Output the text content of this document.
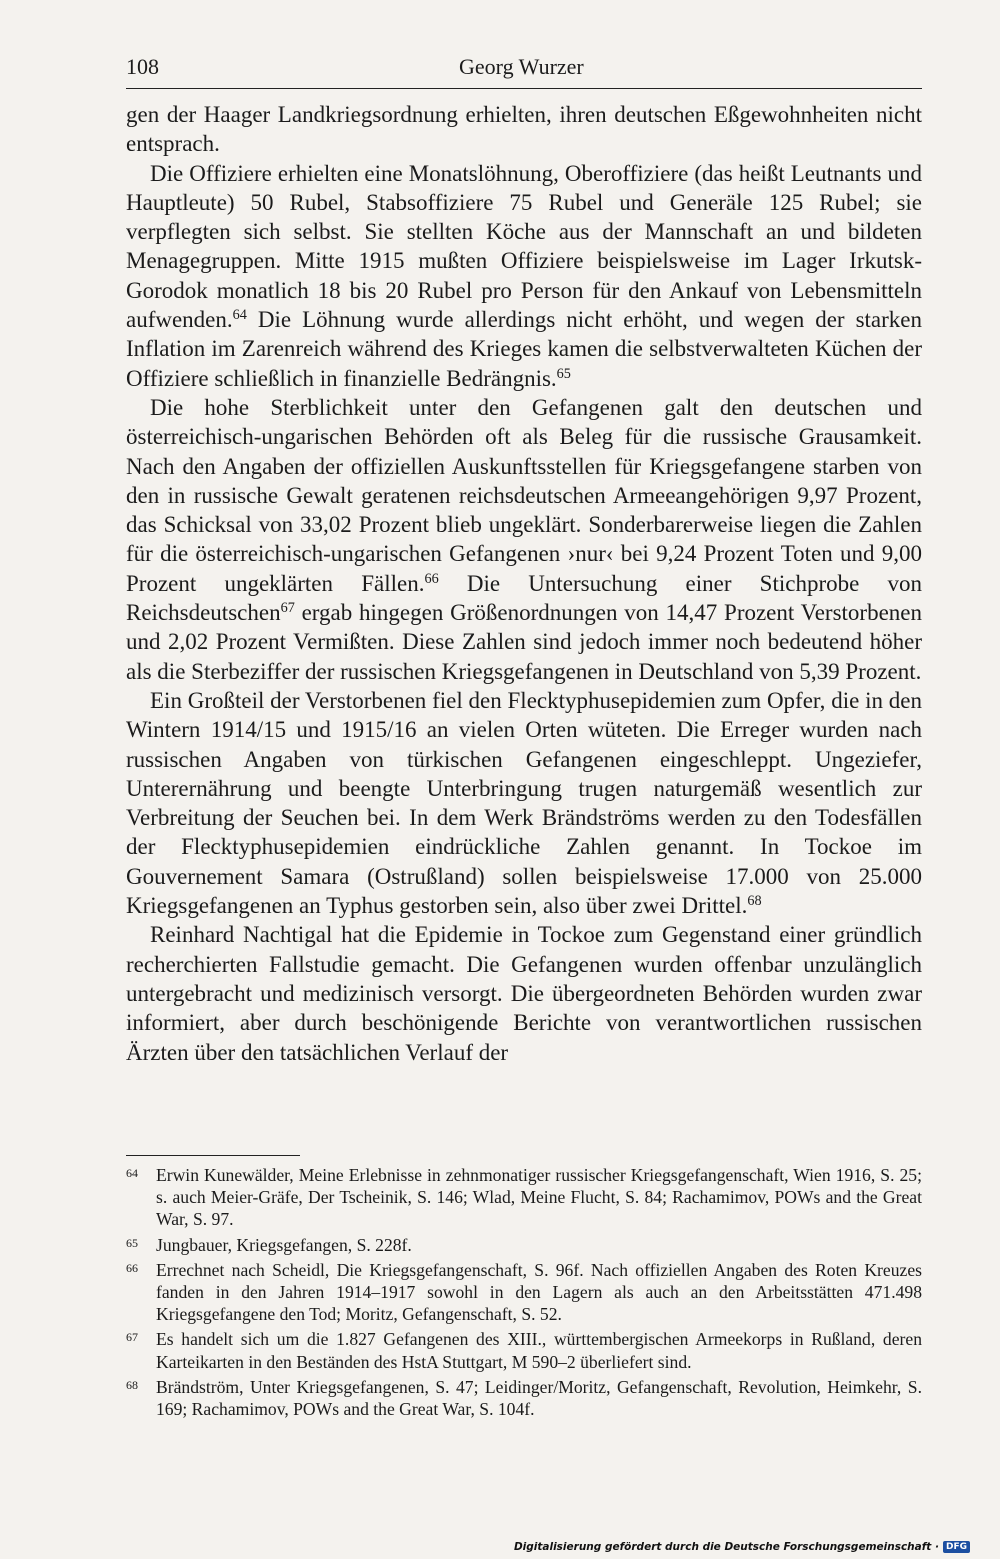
108	Georg Wurzer

gen der Haager Landkriegsordnung erhielten, ihren deutschen Eßgewohnheiten nicht entsprach.

Die Offiziere erhielten eine Monatslöhnung, Oberoffiziere (das heißt Leutnants und Hauptleute) 50 Rubel, Stabsoffiziere 75 Rubel und Generäle 125 Rubel; sie verpflegten sich selbst. Sie stellten Köche aus der Mannschaft an und bildeten Menagegruppen. Mitte 1915 mußten Offiziere beispielsweise im Lager Irkutsk-Gorodok monatlich 18 bis 20 Rubel pro Person für den Ankauf von Lebensmitteln aufwenden.$^{64}$ Die Löhnung wurde allerdings nicht erhöht, und wegen der starken Inflation im Zarenreich während des Krieges kamen die selbstverwalteten Küchen der Offiziere schließlich in finanzielle Bedrängnis.$^{65}$

Die hohe Sterblichkeit unter den Gefangenen galt den deutschen und österreichisch-ungarischen Behörden oft als Beleg für die russische Grausamkeit. Nach den Angaben der offiziellen Auskunftsstellen für Kriegsgefangene starben von den in russische Gewalt geratenen reichsdeutschen Armeeangehörigen 9,97 Prozent, das Schicksal von 33,02 Prozent blieb ungeklärt. Sonderbarerweise liegen die Zahlen für die österreichisch-ungarischen Gefangenen ›nur‹ bei 9,24 Prozent Toten und 9,00 Prozent ungeklärten Fällen.$^{66}$ Die Untersuchung einer Stichprobe von Reichsdeutschen$^{67}$ ergab hingegen Größenordnungen von 14,47 Prozent Verstorbenen und 2,02 Prozent Vermißten. Diese Zahlen sind jedoch immer noch bedeutend höher als die Sterbeziffer der russischen Kriegsgefangenen in Deutschland von 5,39 Prozent.

Ein Großteil der Verstorbenen fiel den Flecktyphusepidemien zum Opfer, die in den Wintern 1914/15 und 1915/16 an vielen Orten wüteten. Die Erreger wurden nach russischen Angaben von türkischen Gefangenen eingeschleppt. Ungeziefer, Unterernährung und beengte Unterbringung trugen naturgemäß wesentlich zur Verbreitung der Seuchen bei. In dem Werk Brändströms werden zu den Todesfällen der Flecktyphusepidemien eindrückliche Zahlen genannt. In Tockoe im Gouvernement Samara (Ostrußland) sollen beispielsweise 17.000 von 25.000 Kriegsgefangenen an Typhus gestorben sein, also über zwei Drittel.$^{68}$

Reinhard Nachtigal hat die Epidemie in Tockoe zum Gegenstand einer gründlich recherchierten Fallstudie gemacht. Die Gefangenen wurden offenbar unzulänglich untergebracht und medizinisch versorgt. Die übergeordneten Behörden wurden zwar informiert, aber durch beschönigende Berichte von verantwortlichen russischen Ärzten über den tatsächlichen Verlauf der

64 Erwin Kunewälder, Meine Erlebnisse in zehnmonatiger russischer Kriegsgefangenschaft, Wien 1916, S. 25; s. auch Meier-Gräfe, Der Tscheinik, S. 146; Wlad, Meine Flucht, S. 84; Rachamimov, POWs and the Great War, S. 97.
65 Jungbauer, Kriegsgefangen, S. 228f.
66 Errechnet nach Scheidl, Die Kriegsgefangenschaft, S. 96f. Nach offiziellen Angaben des Roten Kreuzes fanden in den Jahren 1914–1917 sowohl in den Lagern als auch an den Arbeitsstätten 471.498 Kriegsgefangene den Tod; Moritz, Gefangenschaft, S. 52.
67 Es handelt sich um die 1.827 Gefangenen des XIII., württembergischen Armeekorps in Rußland, deren Karteikarten in den Beständen des HstA Stuttgart, M 590–2 überliefert sind.
68 Brändström, Unter Kriegsgefangenen, S. 47; Leidinger/Moritz, Gefangenschaft, Revolution, Heimkehr, S. 169; Rachamimov, POWs and the Great War, S. 104f.
Digitalisierung gefördert durch die Deutsche Forschungsgemeinschaft · DFG
